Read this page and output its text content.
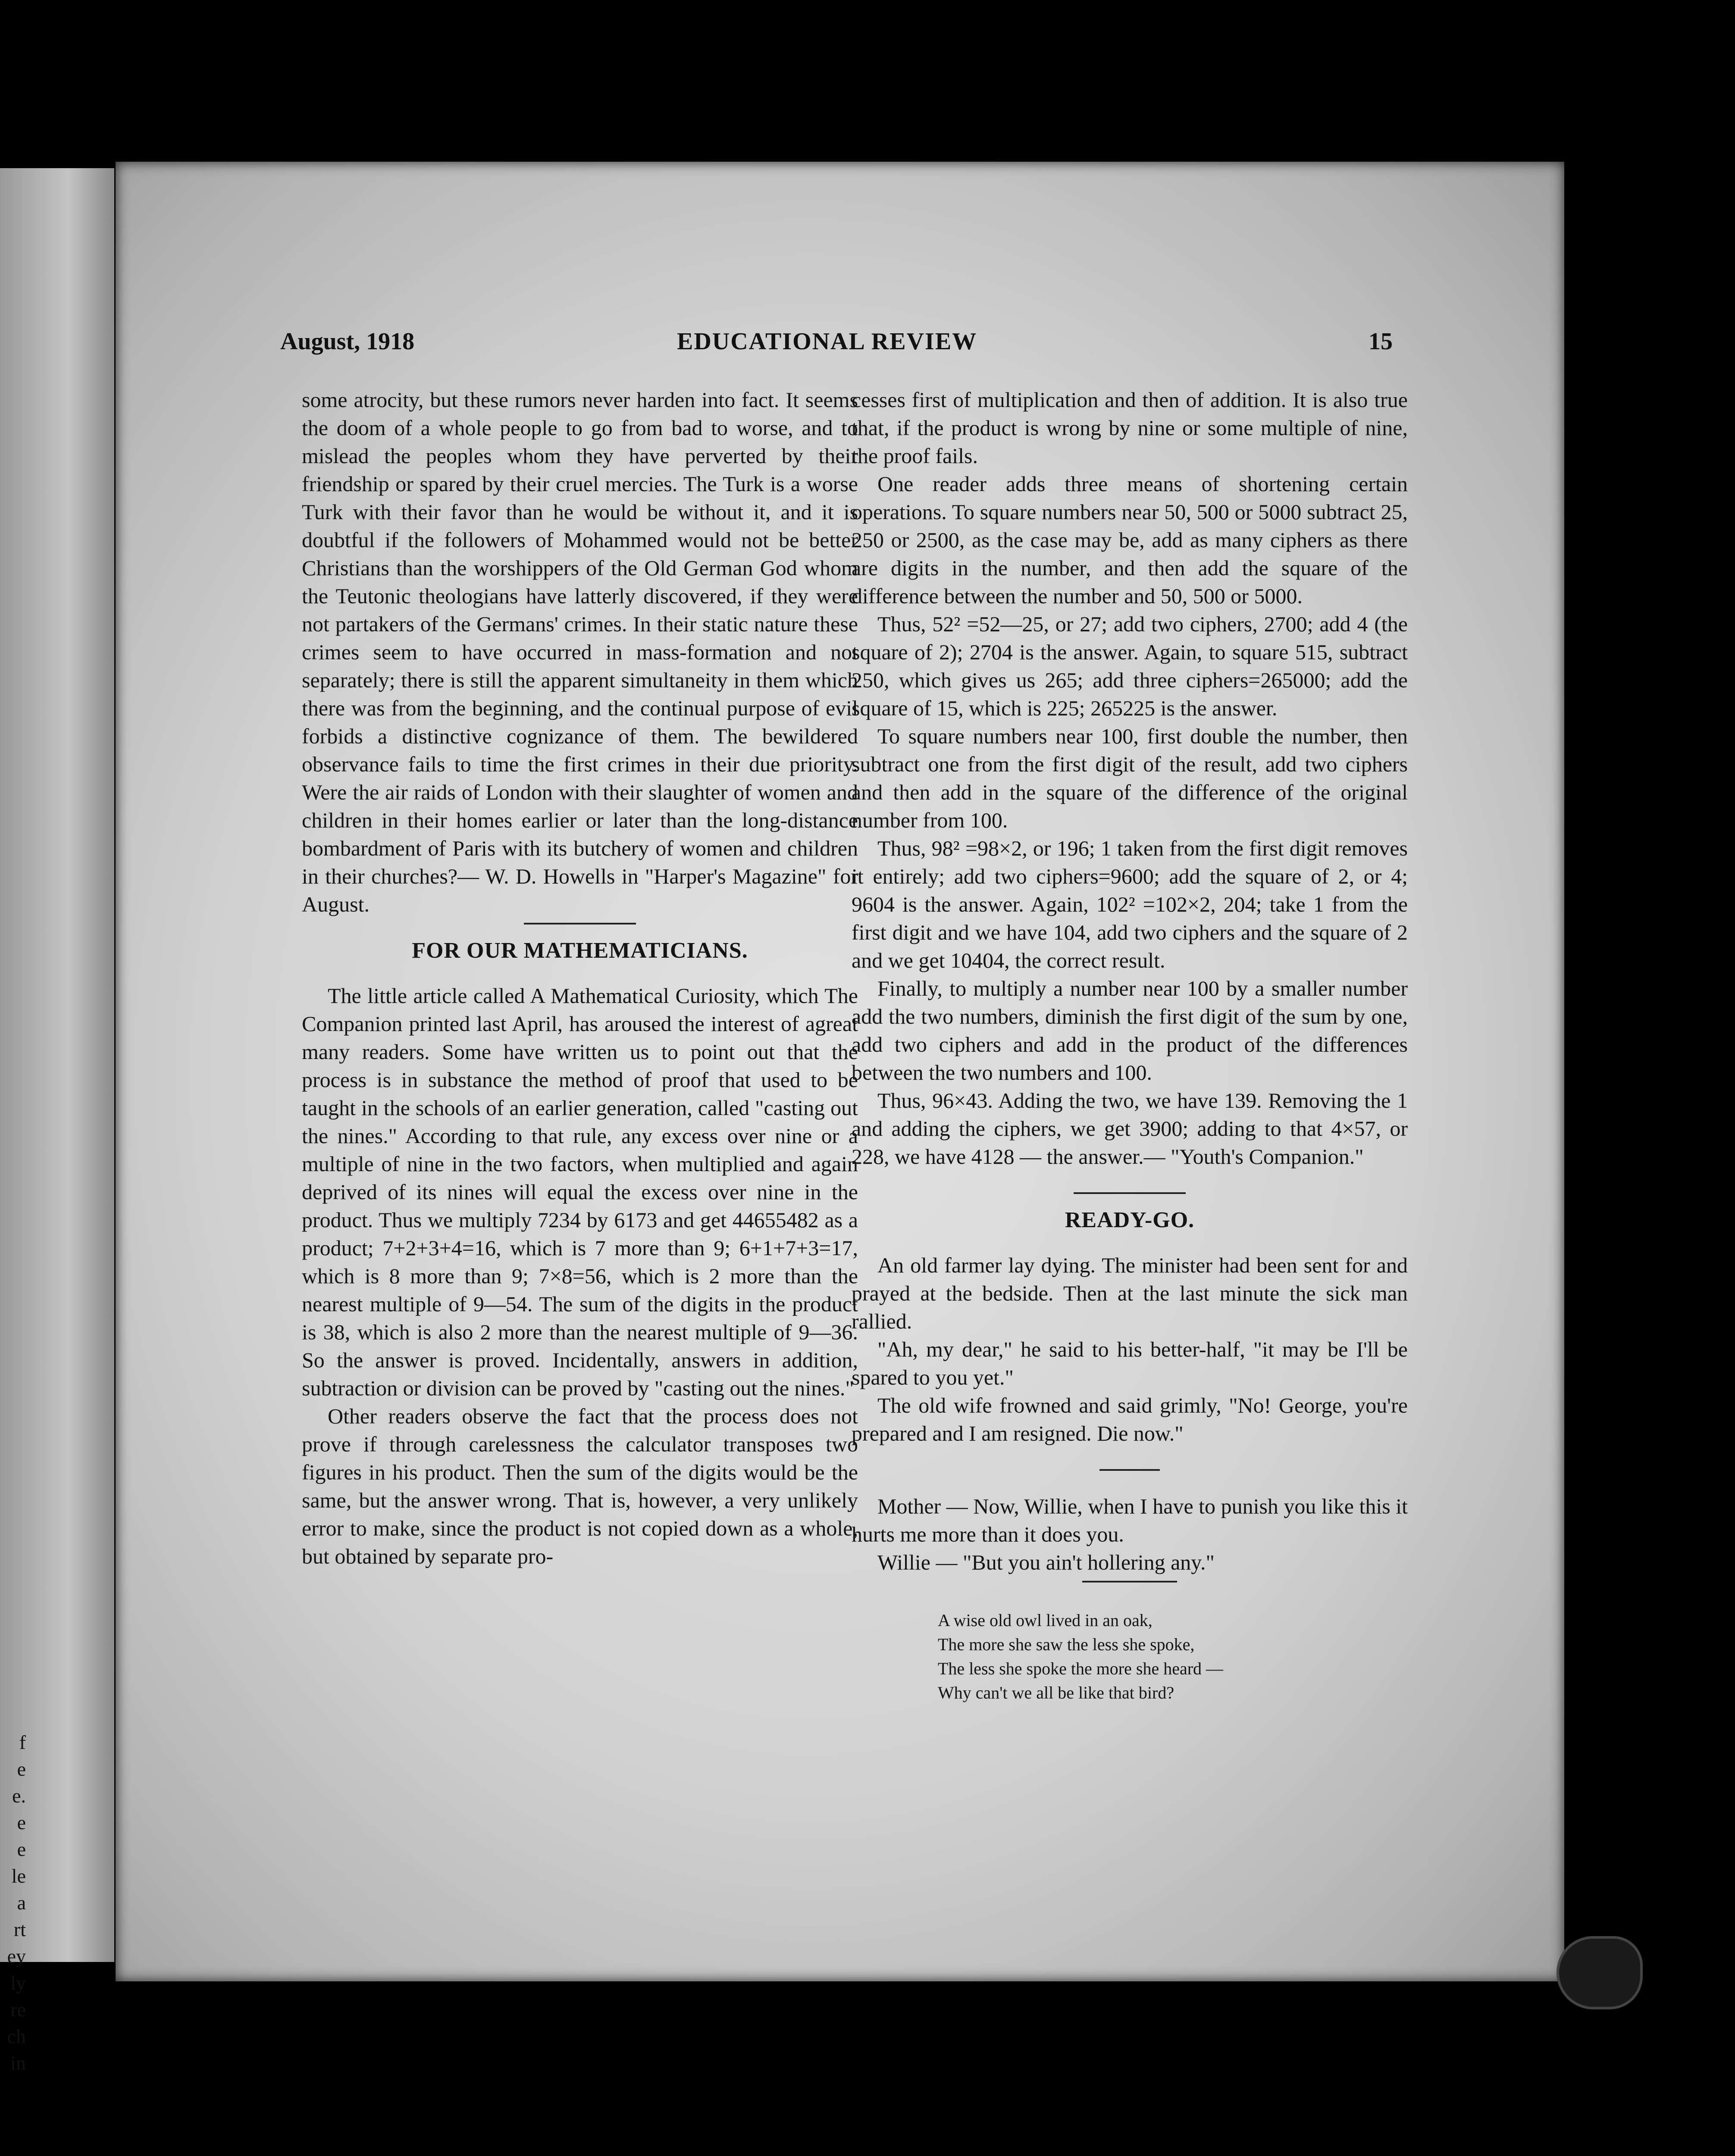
f
e
e.
e
e
le
a
rt
ey
ly
re
ch
in
August, 1918	EDUCATIONAL REVIEW	15

some atrocity, but these rumors never harden into fact. It seems the doom of a whole people to go from bad to worse, and to mislead the peoples whom they have perverted by their friendship or spared by their cruel mercies. The Turk is a worse Turk with their favor than he would be without it, and it is doubtful if the followers of Mohammed would not be better Christians than the worshippers of the Old German God whom the Teutonic theologians have latterly discovered, if they were not partakers of the Germans' crimes. In their static nature these crimes seem to have occurred in mass-formation and not separately; there is still the apparent simultaneity in them which there was from the beginning, and the continual purpose of evil forbids a distinctive cognizance of them. The bewildered observance fails to time the first crimes in their due priority. Were the air raids of London with their slaughter of women and children in their homes earlier or later than the long-distance bombardment of Paris with its butchery of women and children in their churches?— W. D. Howells in "Harper's Magazine" for August.

FOR OUR MATHEMATICIANS.

The little article called A Mathematical Curiosity, which The Companion printed last April, has aroused the interest of agreat many readers. Some have written us to point out that the process is in substance the method of proof that used to be taught in the schools of an earlier generation, called "casting out the nines." According to that rule, any excess over nine or a multiple of nine in the two factors, when multiplied and again deprived of its nines will equal the excess over nine in the product. Thus we multiply 7234 by 6173 and get 44655482 as a product; 7+2+3+4=16, which is 7 more than 9; 6+1+7+3=17, which is 8 more than 9; 7×8=56, which is 2 more than the nearest multiple of 9—54. The sum of the digits in the product is 38, which is also 2 more than the nearest multiple of 9—36. So the answer is proved. Incidentally, answers in addition, subtraction or division can be proved by "casting out the nines."

Other readers observe the fact that the process does not prove if through carelessness the calculator transposes two figures in his product. Then the sum of the digits would be the same, but the answer wrong. That is, however, a very unlikely error to make, since the product is not copied down as a whole, but obtained by separate pro-

cesses first of multiplication and then of addition. It is also true that, if the product is wrong by nine or some multiple of nine, the proof fails.

One reader adds three means of shortening certain operations. To square numbers near 50, 500 or 5000 subtract 25, 250 or 2500, as the case may be, add as many ciphers as there are digits in the number, and then add the square of the difference between the number and 50, 500 or 5000.

Thus, 52² =52—25, or 27; add two ciphers, 2700; add 4 (the square of 2); 2704 is the answer. Again, to square 515, subtract 250, which gives us 265; add three ciphers=265000; add the square of 15, which is 225; 265225 is the answer.

To square numbers near 100, first double the number, then subtract one from the first digit of the result, add two ciphers and then add in the square of the difference of the original number from 100.

Thus, 98² =98×2, or 196; 1 taken from the first digit removes it entirely; add two ciphers=9600; add the square of 2, or 4; 9604 is the answer. Again, 102² =102×2, 204; take 1 from the first digit and we have 104, add two ciphers and the square of 2 and we get 10404, the correct result.

Finally, to multiply a number near 100 by a smaller number add the two numbers, diminish the first digit of the sum by one, add two ciphers and add in the product of the differences between the two numbers and 100.

Thus, 96×43. Adding the two, we have 139. Removing the 1 and adding the ciphers, we get 3900; adding to that 4×57, or 228, we have 4128 — the answer.— "Youth's Companion."

READY-GO.

An old farmer lay dying. The minister had been sent for and prayed at the bedside. Then at the last minute the sick man rallied.

"Ah, my dear," he said to his better-half, "it may be I'll be spared to you yet."

The old wife frowned and said grimly, "No! George, you're prepared and I am resigned. Die now."

Mother — Now, Willie, when I have to punish you like this it hurts me more than it does you.

Willie — "But you ain't hollering any."

A wise old owl lived in an oak,
The more she saw the less she spoke,
The less she spoke the more she heard —
Why can't we all be like that bird?
